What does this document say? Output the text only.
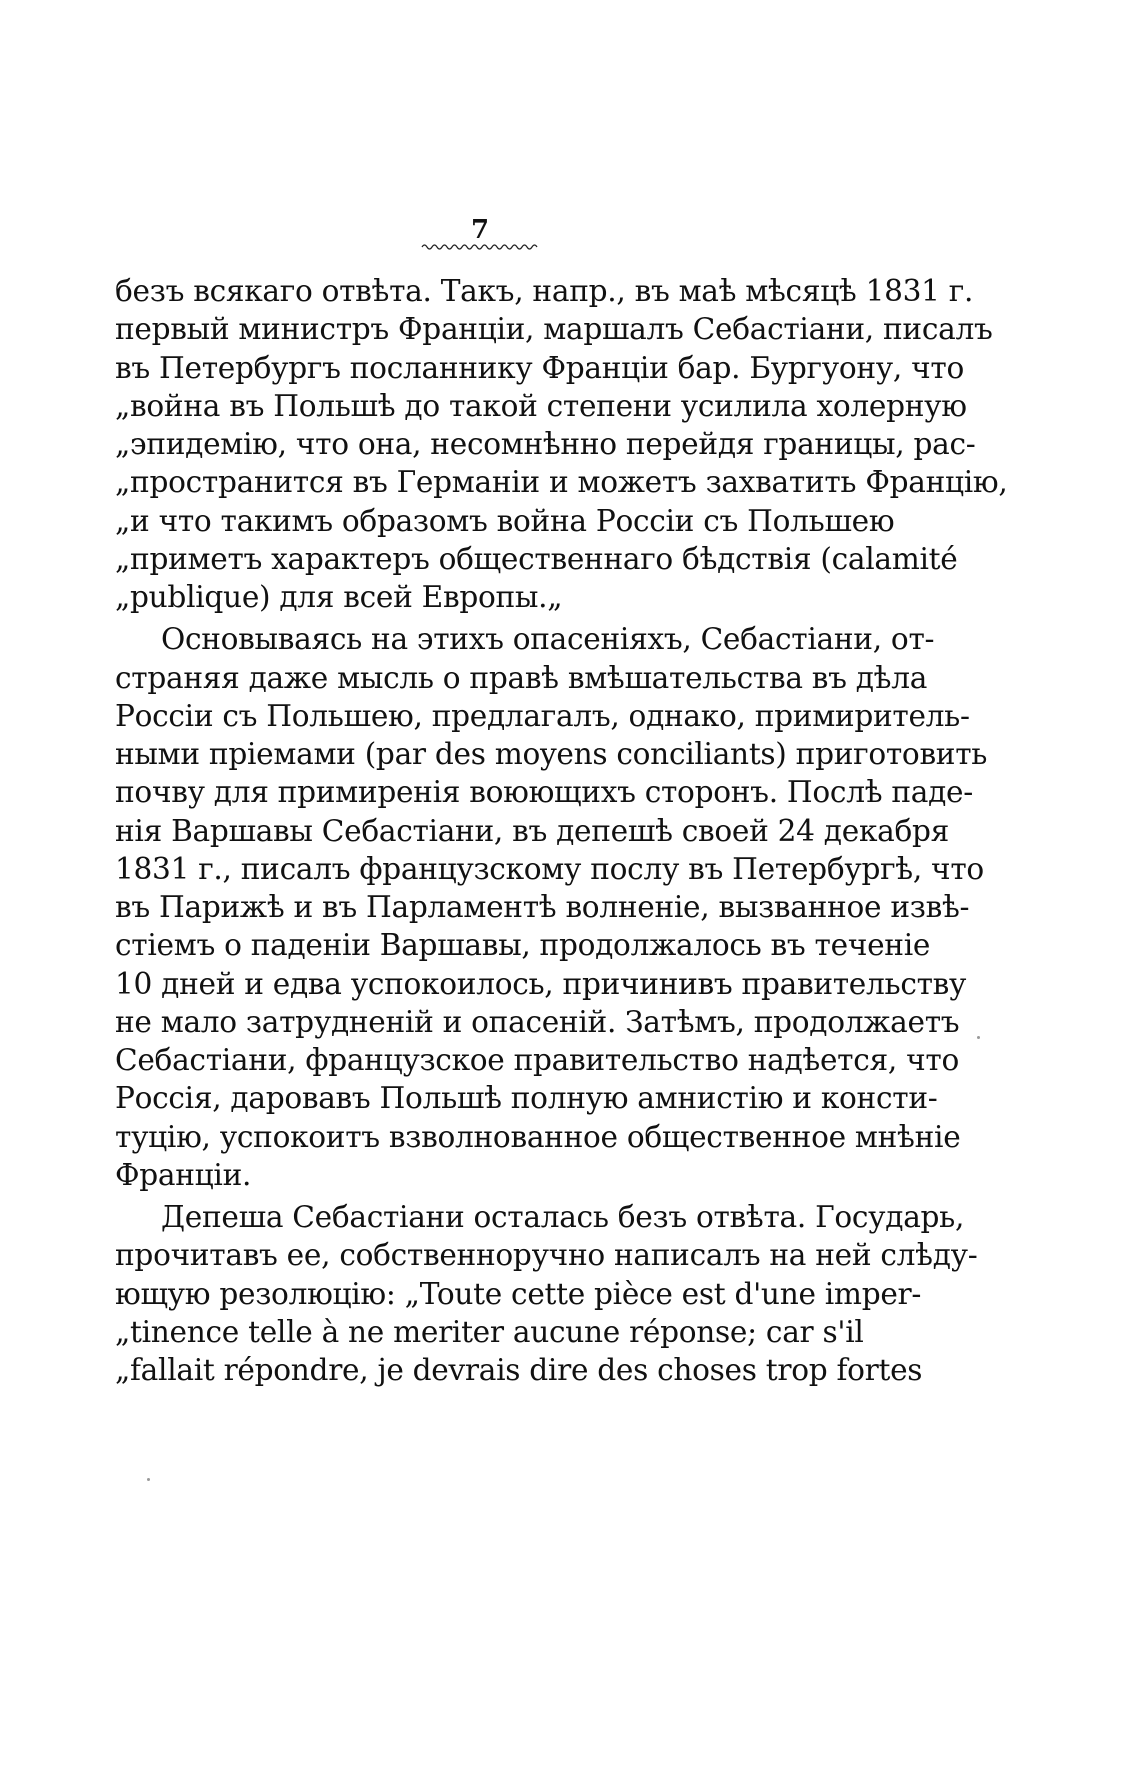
7
безъ всякаго отвѣта. Такъ, напр., въ маѣ мѣсяцѣ 1831 г.
первый министръ Франціи, маршалъ Себастіани, писалъ
въ Петербургъ посланнику Франціи бар. Бургуону, что
„война въ Польшѣ до такой степени усилила холерную
„эпидемію, что она, несомнѣнно перейдя границы, рас-
„пространится въ Германіи и можетъ захватить Францію,
„и что такимъ образомъ война Россіи съ Польшею
„приметъ характеръ общественнаго бѣдствія (calamité
„publique) для всей Европы.„
Основываясь на этихъ опасеніяхъ, Себастіани, от-
страняя даже мысль о правѣ вмѣшательства въ дѣла
Россіи съ Польшею, предлагалъ, однако, примиритель-
ными пріемами (par des moyens conciliants) приготовить
почву для примиренія воюющихъ сторонъ. Послѣ паде-
нія Варшавы Себастіани, въ депешѣ своей 24 декабря
1831 г., писалъ французскому послу въ Петербургѣ, что
въ Парижѣ и въ Парламентѣ волненіе, вызванное извѣ-
стіемъ о паденіи Варшавы, продолжалось въ теченіе
10 дней и едва успокоилось, причинивъ правительству
не мало затрудненій и опасеній. Затѣмъ, продолжаетъ
Себастіани, французское правительство надѣется, что
Россія, даровавъ Польшѣ полную амнистію и консти-
туцію, успокоитъ взволнованное общественное мнѣніе
Франціи.
Депеша Себастіани осталась безъ отвѣта. Государь,
прочитавъ ее, собственноручно написалъ на ней слѣду-
ющую резолюцію: „Toute cette pièce est d'une imper-
„tinence telle à ne meriter aucune réponse; car s'il
„fallait répondre, je devrais dire des choses trop fortes
